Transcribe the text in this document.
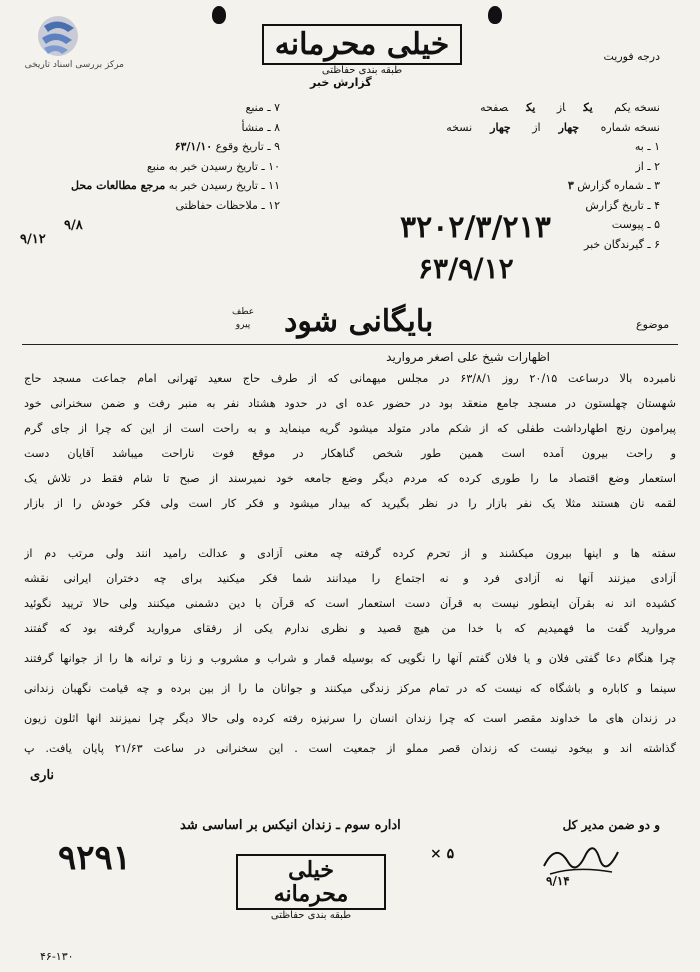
مرکز بررسی اسناد تاریخی
درجه فوریت
خیلی محرمانه
طبقه بندی حفاظتی
گزارش خبر
۷ ـ منبع
۸ ـ منشأ
۹ ـ تاریخ وقوع ۶۳/۱/۱۰
۱۰ ـ تاریخ رسیدن خبر به منبع
۱۱ ـ تاریخ رسیدن خبر به مرجع مطالعات محل
۱۲ ـ ملاحظات حفاظتی
۹/۸
۹/۱۲
نسخه یکم یکاز یکصفحه
نسخه شماره چهاراز چهارنسخه
۱ ـ به
۲ ـ از
۳ ـ شماره گزارش ۳
۴ ـ تاریخ گزارش
۵ ـ پیوست
۶ ـ گیرندگان خبر
۳۲۰۲/۳/۲۱۳
۶۳/۹/۱۲
موضوع
عطف
پیرو بایگانی شود
اظهارات شیخ علی اصغر مروارید
نامبرده بالا درساعت ۲۰/۱۵ روز ۶۳/۸/۱ در مجلس میهمانی که از طرف حاج سعید تهرانی امام جماعت مسجد حاج
شهستان چهلستون در مسجد جامع منعقد بود در حضور عده ای در حدود هشتاد نفر به منبر رفت و ضمن سخنرانی خود
پیرامون رنج اطهارداشت طفلی که از شکم مادر متولد میشود گریه مینماید و به راحت است از این که چرا از جای گرم
و راحت بیرون آمده است همین طور شخص گناهکار در موقع فوت ناراحت میباشد آقایان دست
استعمار وضع اقتصاد ما را طوری کرده که مردم دیگر وضع جامعه خود نمیرسند از صبح تا شام فقط در تلاش یک
لقمه نان هستند مثلا یک نفر بازار را در نظر بگیرید که بیدار میشود و فکر کار است ولی فکر خودش را از بازار
سفته ها و اینها بیرون میکشند و از تحرم کرده گرفته چه معنی آزادی و عدالت رامید انند ولی مرتب دم از
آزادی میزنند آنها نه آزادی فرد و نه اجتماع را میدانند شما فکر میکنید برای چه دختران ایرانی نقشه
کشیده اند نه بقرآن اینطور نیست به قرآن دست استعمار است که قرآن با دین دشمنی میکنند ولی حالا تریید نگوئید
مروارید گفت ما فهمیدیم که با خدا من هیچ قصید و نظری ندارم یکی از رفقای مروارید گرفته بود که گفتند
چرا هنگام دعا گفتی فلان و یا فلان گفتم آنها را نگویی که بوسیله قمار و شراب و مشروب و زنا و ترانه ها را از جوانها گرفتند
سینما و کاباره و باشگاه که نیست که در تمام مرکز زندگی میکنند و جوانان ما را از بین برده و چه قیامت نگهبان زندانی
در زندان های ما خداوند مقصر است که چرا زندان انسان را سرنیزه رفته کرده ولی حالا دیگر چرا نمیزنند انها اثلون زیون
گذاشته اند و بیخود نیست که زندان قصر مملو از جمعیت است . این سخنرانی در ساعت ۲۱/۶۳ پایان یافت. پ
ناری
اداره سوم ـ زندان انیکس بر اساسی شد	و دو ضمن مدیر کل
۹/۱۴
۹۲۹۱	خیلی محرمانه
طبقه بندی حفاظتی
× ۵
۴۶-۱۳۰
